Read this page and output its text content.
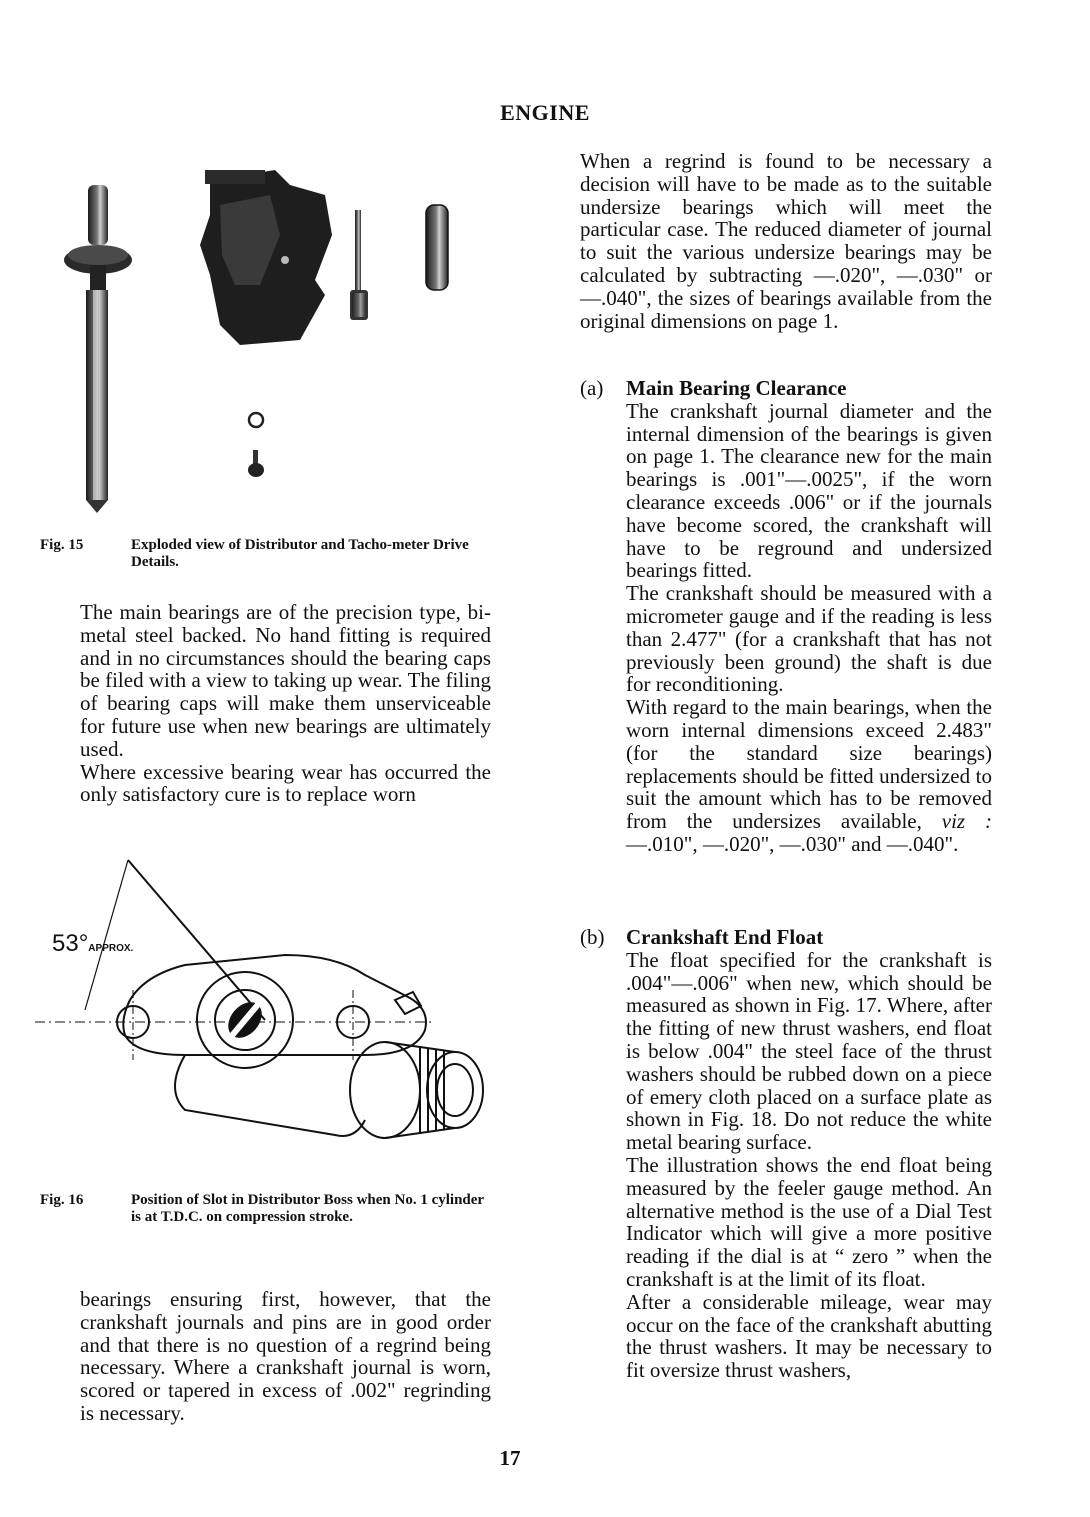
ENGINE
Fig. 15	Exploded view of Distributor and Tacho-meter Drive Details.

The main bearings are of the precision type, bi-metal steel backed. No hand fitting is required and in no circumstances should the bearing caps be filed with a view to taking up wear. The filing of bearing caps will make them unserviceable for future use when new bearings are ultimately used.

Where excessive bearing wear has occurred the only satisfactory cure is to replace worn

53°APPROX.
Fig. 16	Position of Slot in Distributor Boss when No. 1 cylinder is at T.D.C. on compression stroke.

bearings ensuring first, however, that the crankshaft journals and pins are in good order and that there is no question of a regrind being necessary. Where a crankshaft journal is worn, scored or tapered in excess of .002" regrinding is necessary.

When a regrind is found to be necessary a decision will have to be made as to the suitable undersize bearings which will meet the particular case. The reduced diameter of journal to suit the various undersize bearings may be calculated by subtracting —.020", —.030" or —.040", the sizes of bearings available from the original dimensions on page 1.

(a) Main Bearing Clearance

The crankshaft journal diameter and the internal dimension of the bearings is given on page 1. The clearance new for the main bearings is .001"—.0025", if the worn clearance exceeds .006" or if the journals have become scored, the crankshaft will have to be reground and undersized bearings fitted.

The crankshaft should be measured with a micrometer gauge and if the reading is less than 2.477" (for a crankshaft that has not previously been ground) the shaft is due for reconditioning.

With regard to the main bearings, when the worn internal dimensions exceed 2.483" (for the standard size bearings) replacements should be fitted undersized to suit the amount which has to be removed from the undersizes available, viz : —.010", —.020", —.030" and —.040".

(b) Crankshaft End Float

The float specified for the crankshaft is .004"—.006" when new, which should be measured as shown in Fig. 17. Where, after the fitting of new thrust washers, end float is below .004" the steel face of the thrust washers should be rubbed down on a piece of emery cloth placed on a surface plate as shown in Fig. 18. Do not reduce the white metal bearing surface.

The illustration shows the end float being measured by the feeler gauge method. An alternative method is the use of a Dial Test Indicator which will give a more positive reading if the dial is at “ zero ” when the crankshaft is at the limit of its float.

After a considerable mileage, wear may occur on the face of the crankshaft abutting the thrust washers. It may be necessary to fit oversize thrust washers,

17
